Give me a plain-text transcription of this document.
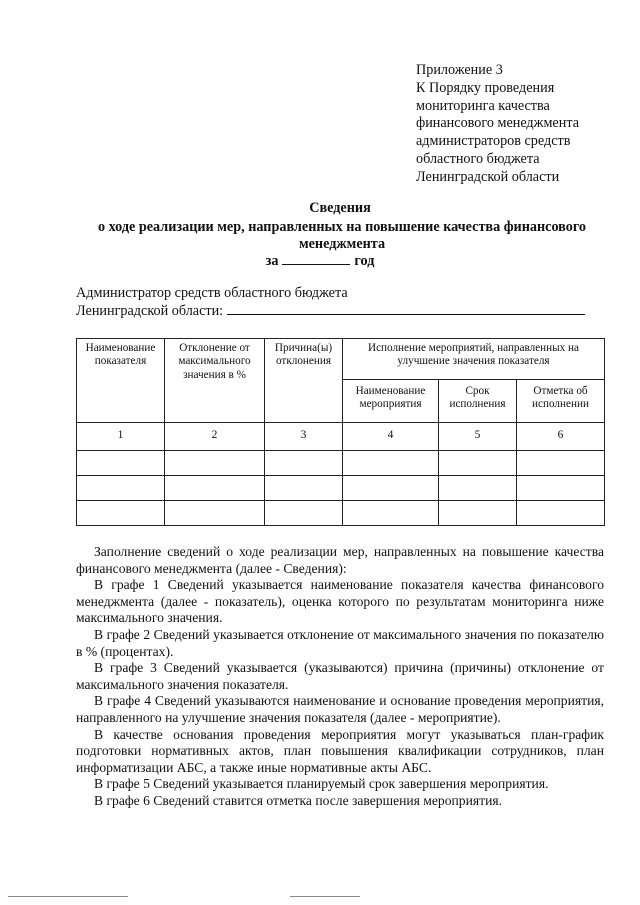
Приложение 3
К Порядку проведения
мониторинга качества
финансового менеджмента
администраторов средств
областного бюджета
Ленинградской области
Сведения
о ходе реализации мер, направленных на повышение качества финансового менеджмента
за	год
Администратор средств областного бюджета
Ленинградской области:
Наименование показателя	Отклонение от максимального значения в %	Причина(ы) отклонения	Исполнение мероприятий, направленных на улучшение значения показателя		
			Наименование мероприятия	Срок исполнения	Отметка об исполнении
1	2	3	4	5	6

Заполнение сведений о ходе реализации мер, направленных на повышение качества финансового менеджмента (далее - Сведения):

В графе 1 Сведений указывается наименование показателя качества финансового менеджмента (далее - показатель), оценка которого по результатам мониторинга ниже максимального значения.

В графе 2 Сведений указывается отклонение от максимального значения по показателю в % (процентах).

В графе 3 Сведений указывается (указываются) причина (причины) отклонение от максимального значения показателя.

В графе 4 Сведений указываются наименование и основание проведения мероприятия, направленного на улучшение значения показателя (далее - мероприятие).

В качестве основания проведения мероприятия могут указываться план-график подготовки нормативных актов, план повышения квалификации сотрудников, план информатизации АБС, а также иные нормативные акты АБС.

В графе 5 Сведений указывается планируемый срок завершения мероприятия.

В графе 6 Сведений ставится отметка после завершения мероприятия.
